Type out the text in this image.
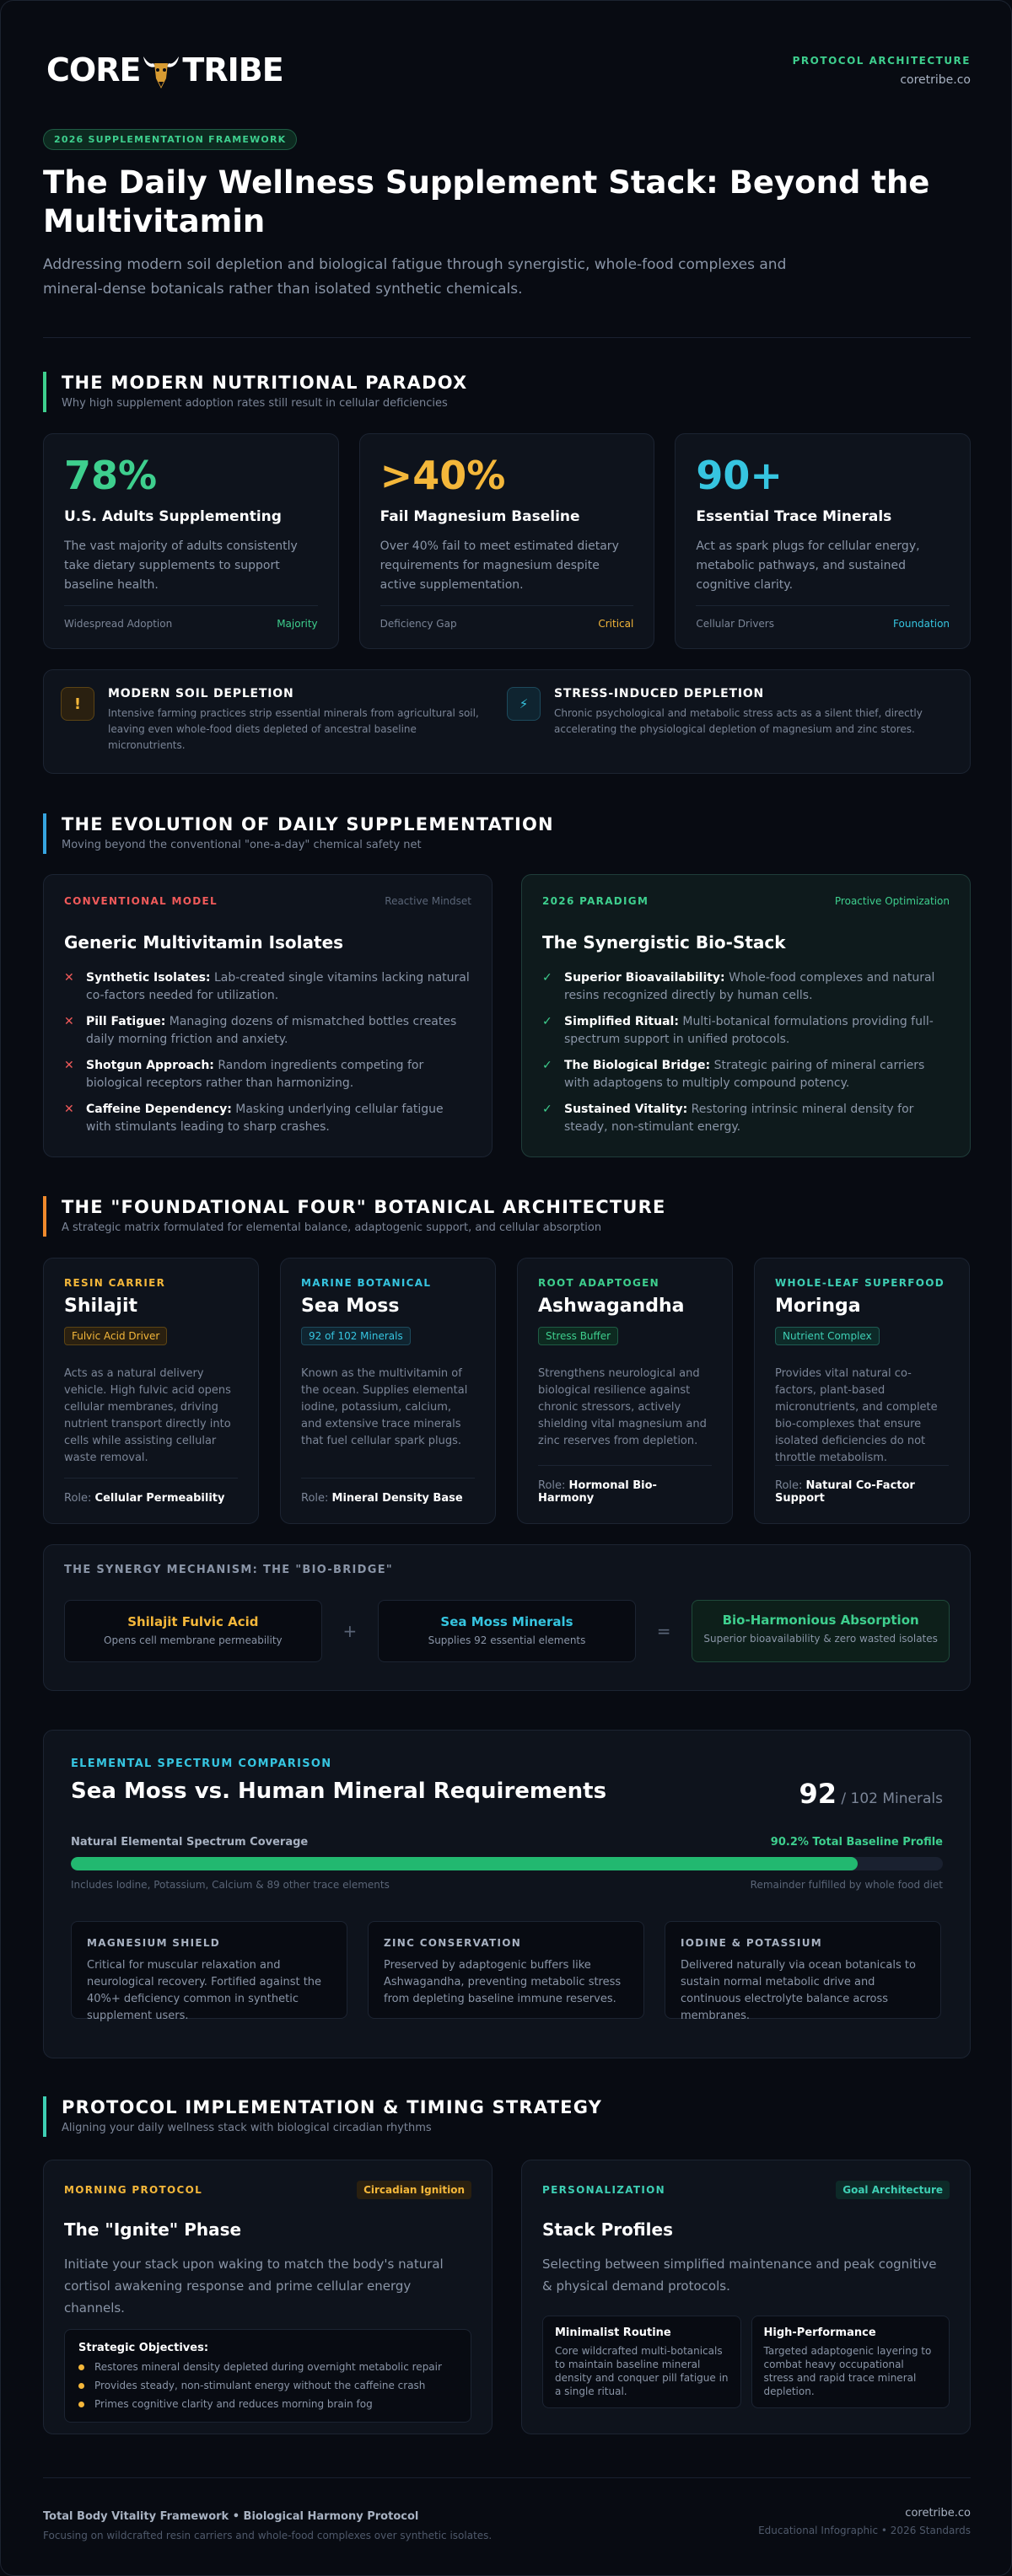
CORE TRIBE	PROTOCOL ARCHITECTURE
coretribe.co
2026 SUPPLEMENTATION FRAMEWORK
The Daily Wellness Supplement Stack: Beyond the Multivitamin

Addressing modern soil depletion and biological fatigue through synergistic, whole-food complexes and mineral-dense botanicals rather than isolated synthetic chemicals.

THE MODERN NUTRITIONAL PARADOX

Why high supplement adoption rates still result in cellular deficiencies

78%
U.S. Adults Supplementing
The vast majority of adults consistently take dietary supplements to support baseline health.
Widespread Adoption	Majority
>40%
Fail Magnesium Baseline
Over 40% fail to meet estimated dietary requirements for magnesium despite active supplementation.
Deficiency Gap	Critical
90+
Essential Trace Minerals
Act as spark plugs for cellular energy, metabolic pathways, and sustained cognitive clarity.
Cellular Drivers	Foundation
!
MODERN SOIL DEPLETION

Intensive farming practices strip essential minerals from agricultural soil, leaving even whole-food diets depleted of ancestral baseline micronutrients.

⚡
STRESS-INDUCED DEPLETION

Chronic psychological and metabolic stress acts as a silent thief, directly accelerating the physiological depletion of magnesium and zinc stores.

THE EVOLUTION OF DAILY SUPPLEMENTATION

Moving beyond the conventional "one-a-day" chemical safety net

CONVENTIONAL MODEL	Reactive Mindset
Generic Multivitamin Isolates
✕ Synthetic Isolates: Lab-created single vitamins lacking natural co-factors needed for utilization.
✕ Pill Fatigue: Managing dozens of mismatched bottles creates daily morning friction and anxiety.
✕ Shotgun Approach: Random ingredients competing for biological receptors rather than harmonizing.
✕ Caffeine Dependency: Masking underlying cellular fatigue with stimulants leading to sharp crashes.
2026 PARADIGM	Proactive Optimization
The Synergistic Bio-Stack
✓ Superior Bioavailability: Whole-food complexes and natural resins recognized directly by human cells.
✓ Simplified Ritual: Multi-botanical formulations providing full-spectrum support in unified protocols.
✓ The Biological Bridge: Strategic pairing of mineral carriers with adaptogens to multiply compound potency.
✓ Sustained Vitality: Restoring intrinsic mineral density for steady, non-stimulant energy.
THE "FOUNDATIONAL FOUR" BOTANICAL ARCHITECTURE

A strategic matrix formulated for elemental balance, adaptogenic support, and cellular absorption

RESIN CARRIER
Shilajit
Fulvic Acid Driver
Acts as a natural delivery vehicle. High fulvic acid opens cellular membranes, driving nutrient transport directly into cells while assisting cellular waste removal.
Role: Cellular Permeability
MARINE BOTANICAL
Sea Moss
92 of 102 Minerals
Known as the multivitamin of the ocean. Supplies elemental iodine, potassium, calcium, and extensive trace minerals that fuel cellular spark plugs.
Role: Mineral Density Base
ROOT ADAPTOGEN
Ashwagandha
Stress Buffer
Strengthens neurological and biological resilience against chronic stressors, actively shielding vital magnesium and zinc reserves from depletion.
Role: Hormonal Bio-Harmony
WHOLE-LEAF SUPERFOOD
Moringa
Nutrient Complex
Provides vital natural co-factors, plant-based micronutrients, and complete bio-complexes that ensure isolated deficiencies do not throttle metabolism.
Role: Natural Co-Factor Support
THE SYNERGY MECHANISM: THE "BIO-BRIDGE"
Shilajit Fulvic Acid
Opens cell membrane permeability	+	Sea Moss Minerals
Supplies 92 essential elements	=
Bio-Harmonious Absorption
Superior bioavailability & zero wasted isolates
ELEMENTAL SPECTRUM COMPARISON
Sea Moss vs. Human Mineral Requirements	92 / 102 Minerals
Natural Elemental Spectrum Coverage	90.2% Total Baseline Profile
Includes Iodine, Potassium, Calcium & 89 other trace elements	Remainder fulfilled by whole food diet
MAGNESIUM SHIELD

Critical for muscular relaxation and neurological recovery. Fortified against the 40%+ deficiency common in synthetic supplement users.

ZINC CONSERVATION

Preserved by adaptogenic buffers like Ashwagandha, preventing metabolic stress from depleting baseline immune reserves.

IODINE & POTASSIUM

Delivered naturally via ocean botanicals to sustain normal metabolic drive and continuous electrolyte balance across membranes.

PROTOCOL IMPLEMENTATION & TIMING STRATEGY

Aligning your daily wellness stack with biological circadian rhythms

MORNING PROTOCOL	Circadian Ignition
The "Ignite" Phase

Initiate your stack upon waking to match the body's natural cortisol awakening response and prime cellular energy channels.

Strategic Objectives:
Restores mineral density depleted during overnight metabolic repair
Provides steady, non-stimulant energy without the caffeine crash
Primes cognitive clarity and reduces morning brain fog
PERSONALIZATION	Goal Architecture
Stack Profiles

Selecting between simplified maintenance and peak cognitive & physical demand protocols.

Minimalist Routine

Core wildcrafted multi-botanicals to maintain baseline mineral density and conquer pill fatigue in a single ritual.

High-Performance

Targeted adaptogenic layering to combat heavy occupational stress and rapid trace mineral depletion.

Total Body Vitality Framework • Biological Harmony Protocol

Focusing on wildcrafted resin carriers and whole-food complexes over synthetic isolates.

coretribe.co
Educational Infographic • 2026 Standards
